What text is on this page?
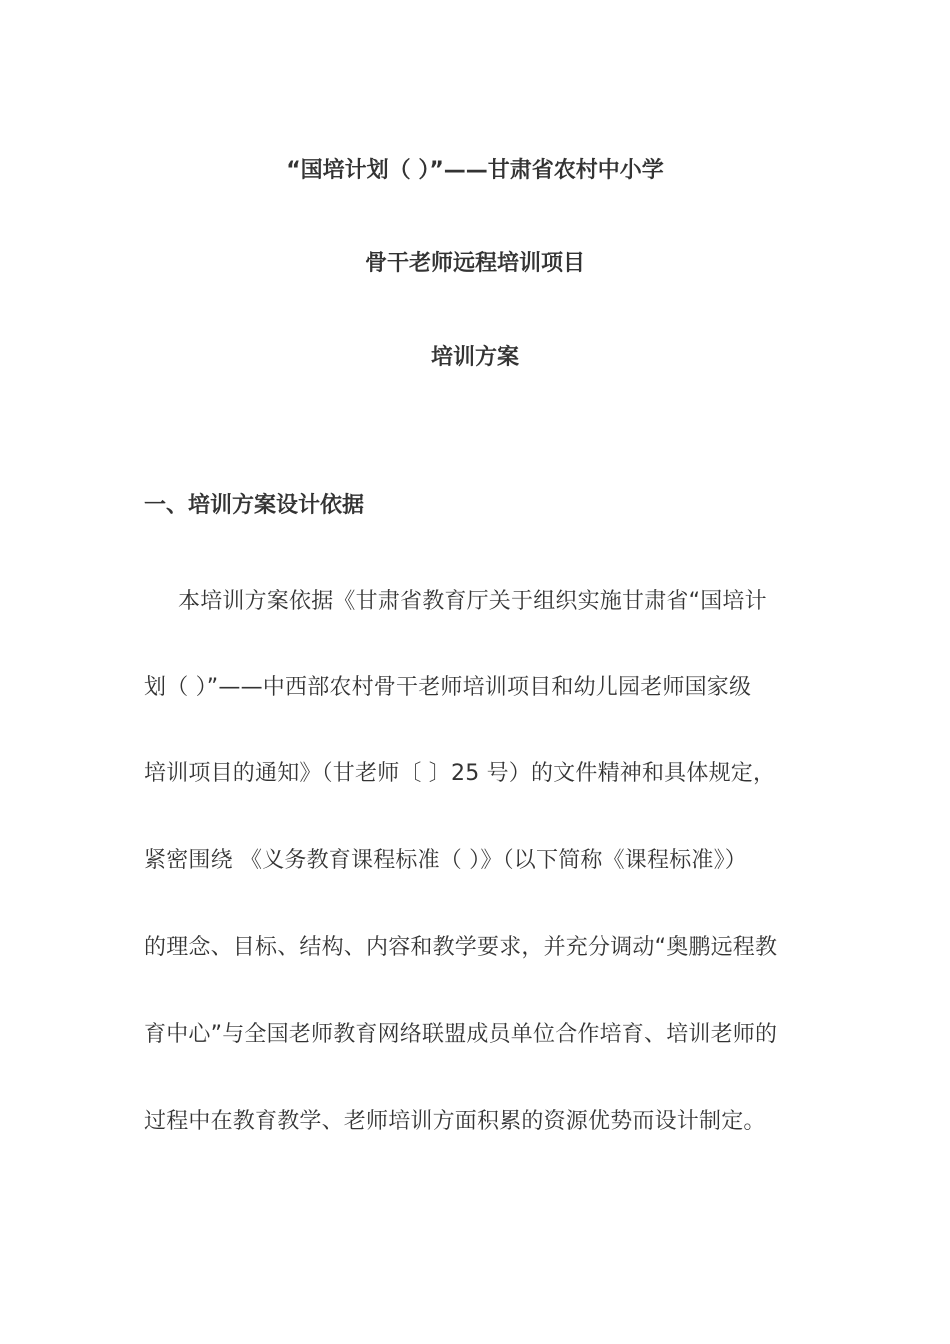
“国培计划（ ）”——甘肃省农村中小学
骨干老师远程培训项目
培训方案
一、培训方案设计依据
本培训方案依据《甘肃省教育厅关于组织实施甘肃省“国培计
划（ ）”——中西部农村骨干老师培训项目和幼儿园老师国家级
培训项目的通知》（甘老师〔 〕25 号）的文件精神和具体规定，
紧密围绕 《义务教育课程标准（ ）》（以下简称《课程标准》）
的理念、目标、结构、内容和教学要求，并充分调动“奥鹏远程教
育中心”与全国老师教育网络联盟成员单位合作培育、培训老师的
过程中在教育教学、老师培训方面积累的资源优势而设计制定。
